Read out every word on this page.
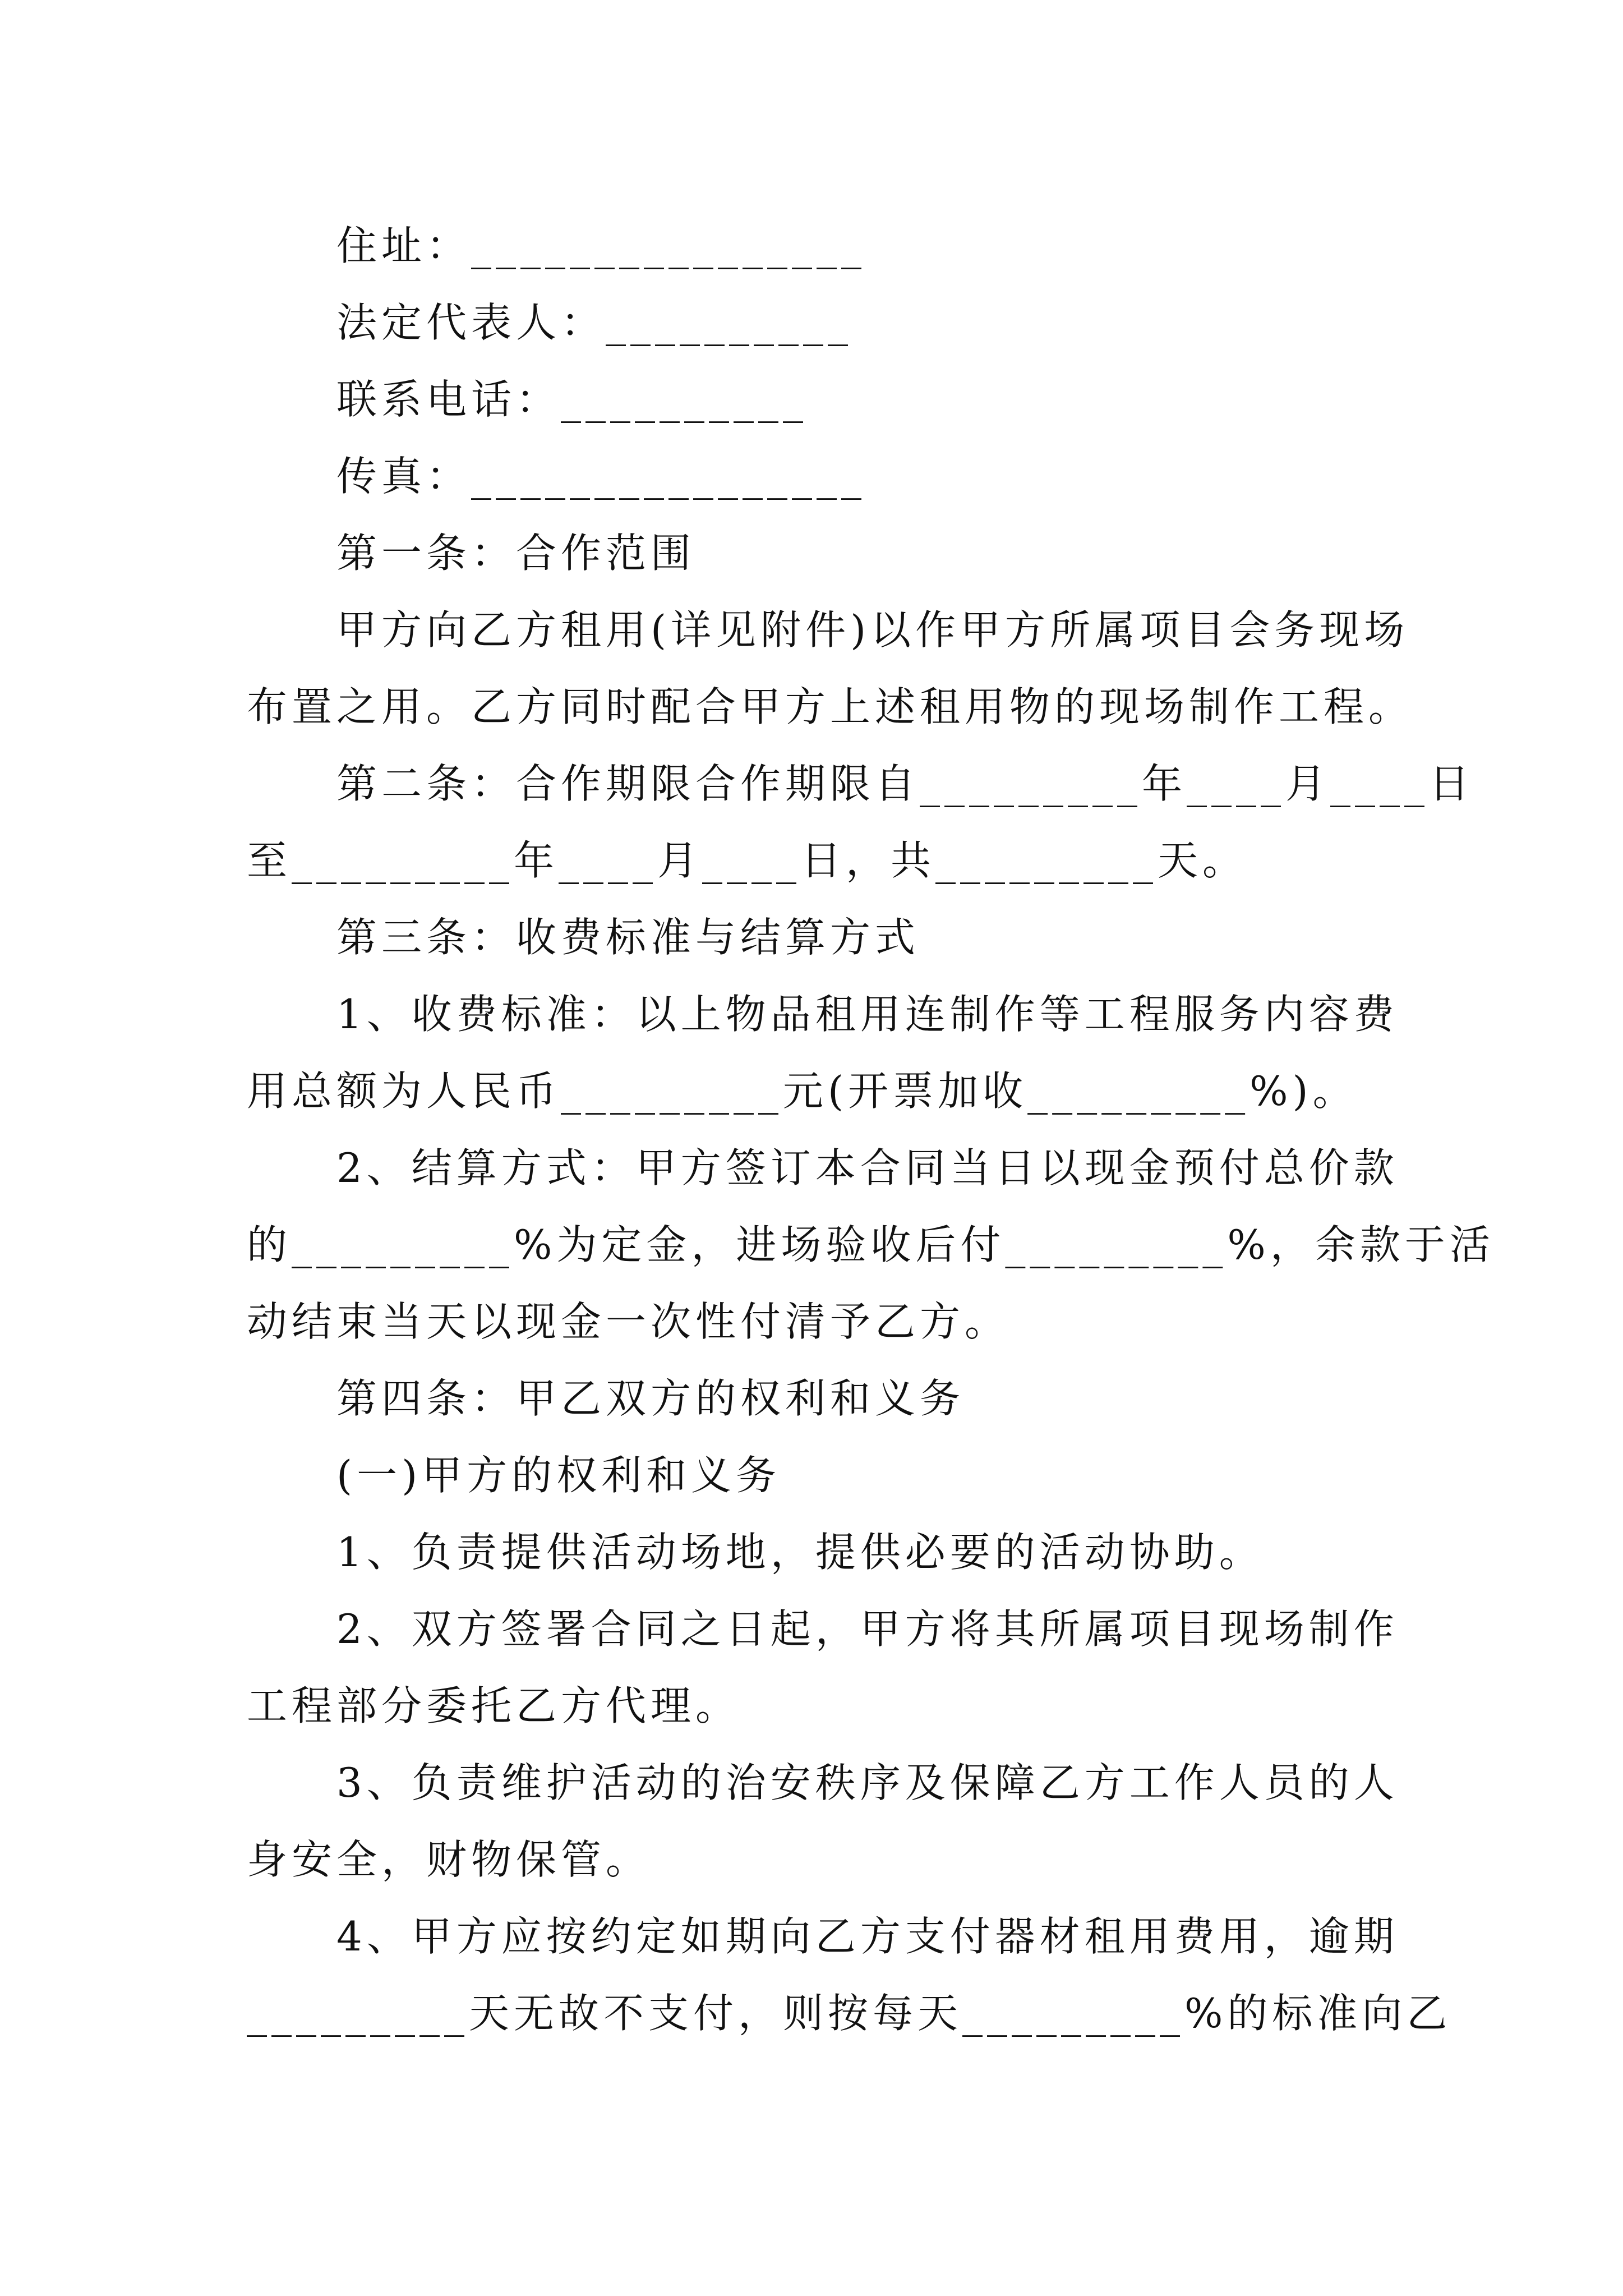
住址：________________
法定代表人：__________
联系电话：__________
传真：________________
第一条：合作范围
甲方向乙方租用(详见附件)以作甲方所属项目会务现场
布置之用。乙方同时配合甲方上述租用物的现场制作工程。
第二条：合作期限合作期限自_________年____月____日
至_________年____月____日，共_________天。
第三条：收费标准与结算方式
1、收费标准：以上物品租用连制作等工程服务内容费
用总额为人民币_________元(开票加收_________%)。
2、结算方式：甲方签订本合同当日以现金预付总价款
的_________%为定金，进场验收后付_________%，余款于活
动结束当天以现金一次性付清予乙方。
第四条：甲乙双方的权利和义务
(一)甲方的权利和义务
1、负责提供活动场地，提供必要的活动协助。
2、双方签署合同之日起，甲方将其所属项目现场制作
工程部分委托乙方代理。
3、负责维护活动的治安秩序及保障乙方工作人员的人
身安全，财物保管。
4、甲方应按约定如期向乙方支付器材租用费用，逾期
_________天无故不支付，则按每天_________%的标准向乙
